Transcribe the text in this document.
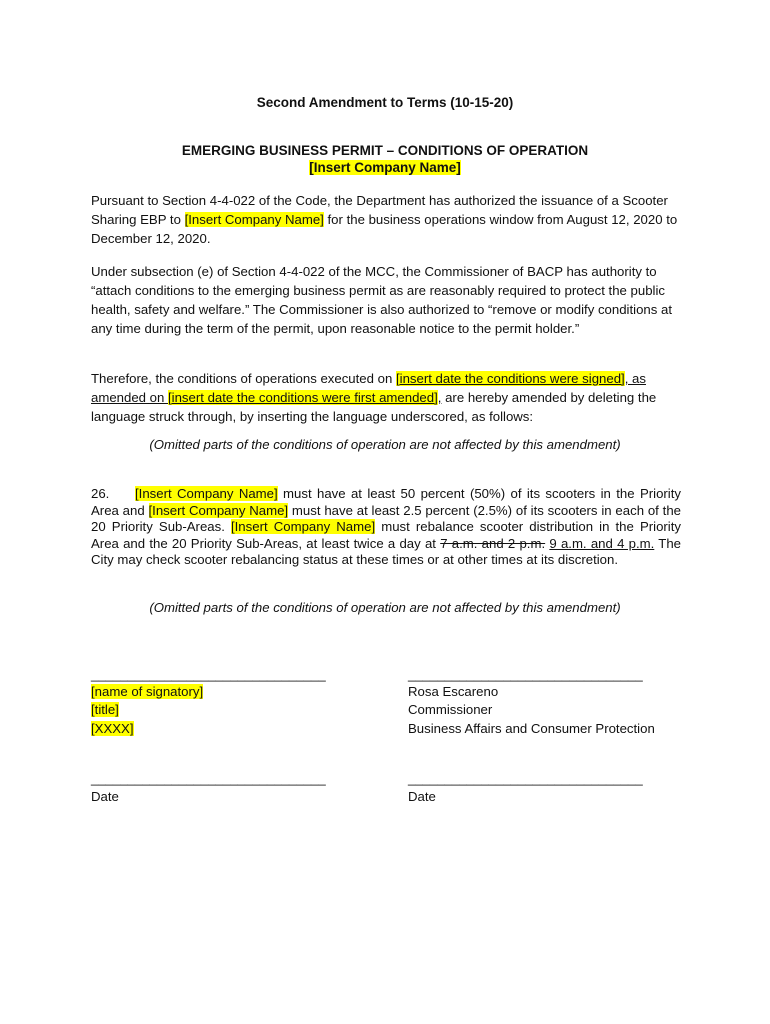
Second Amendment to Terms (10-15-20)
EMERGING BUSINESS PERMIT – CONDITIONS OF OPERATION
[Insert Company Name]
Pursuant to Section 4-4-022 of the Code, the Department has authorized the issuance of a Scooter Sharing EBP to [Insert Company Name] for the business operations window from August 12, 2020 to December 12, 2020.
Under subsection (e) of Section 4-4-022 of the MCC, the Commissioner of BACP has authority to “attach conditions to the emerging business permit as are reasonably required to protect the public health, safety and welfare.” The Commissioner is also authorized to “remove or modify conditions at any time during the term of the permit, upon reasonable notice to the permit holder.”
Therefore, the conditions of operations executed on [insert date the conditions were signed], as amended on [insert date the conditions were first amended], are hereby amended by deleting the language struck through, by inserting the language underscored, as follows:
(Omitted parts of the conditions of operation are not affected by this amendment)
26. [Insert Company Name] must have at least 50 percent (50%) of its scooters in the Priority Area and [Insert Company Name] must have at least 2.5 percent (2.5%) of its scooters in each of the 20 Priority Sub-Areas. [Insert Company Name] must rebalance scooter distribution in the Priority Area and the 20 Priority Sub-Areas, at least twice a day at 7 a.m. and 2 p.m. 9 a.m. and 4 p.m. The City may check scooter rebalancing status at these times or at other times at its discretion.
(Omitted parts of the conditions of operation are not affected by this amendment)
________________________________
[name of signatory]
[title]
[XXXX]
________________________________
Date
________________________________
Rosa Escareno
Commissioner
Business Affairs and Consumer Protection
________________________________
Date
